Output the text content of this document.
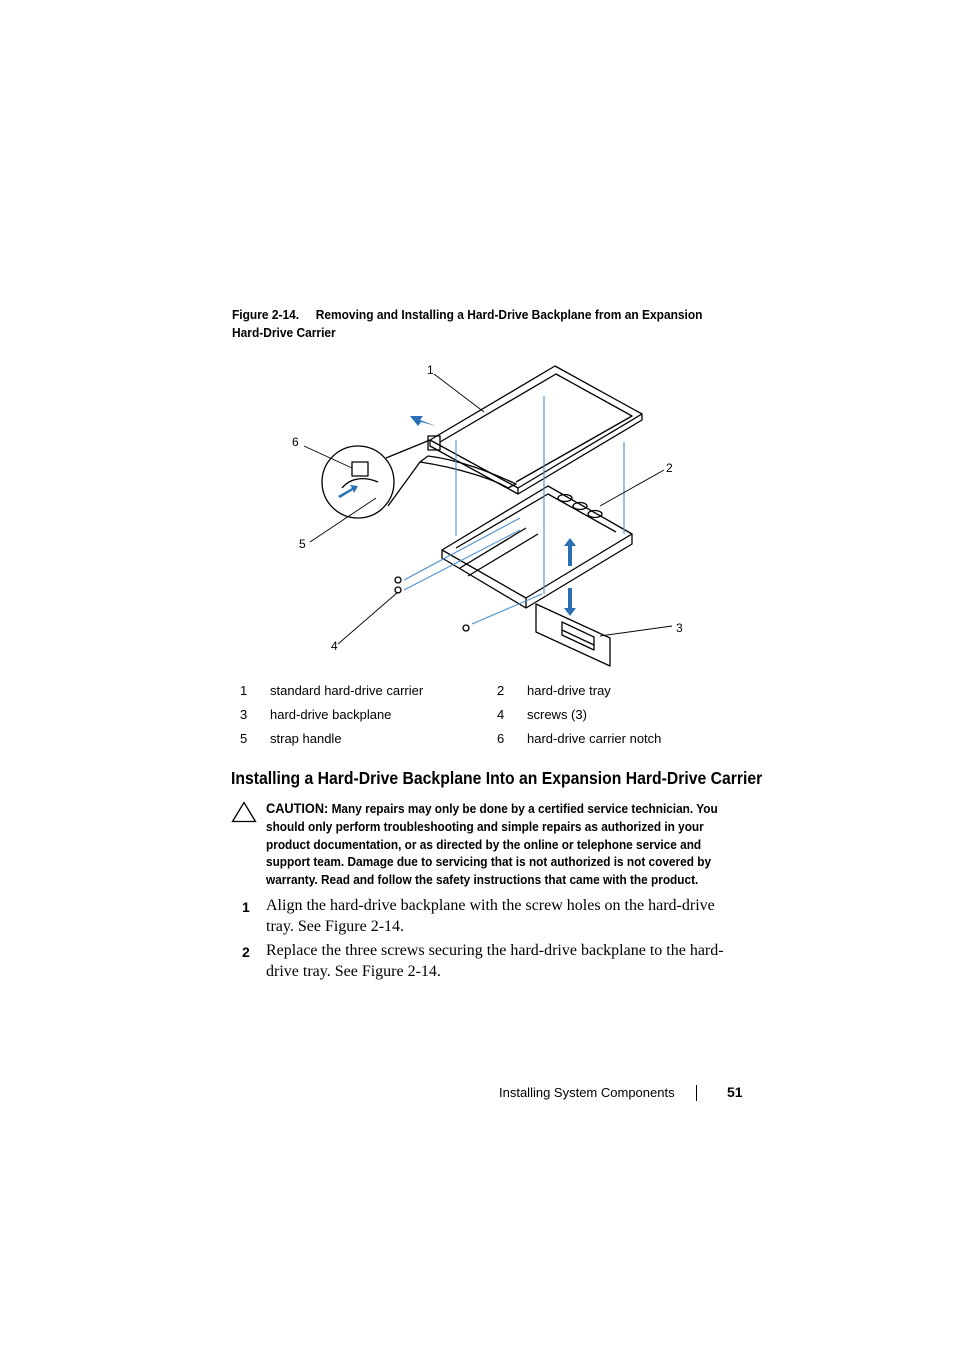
Figure 2-14. Removing and Installing a Hard-Drive Backplane from an Expansion Hard-Drive Carrier
1
2
3
4
5
6
1 standard hard-drive carrier	2 hard-drive tray
3 hard-drive backplane	4 screws (3)
5 strap handle	6 hard-drive carrier notch
Installing a Hard-Drive Backplane Into an Expansion Hard-Drive Carrier
CAUTION: Many repairs may only be done by a certified service technician. You should only perform troubleshooting and simple repairs as authorized in your product documentation, or as directed by the online or telephone service and support team. Damage due to servicing that is not authorized is not covered by warranty. Read and follow the safety instructions that came with the product.
1 Align the hard-drive backplane with the screw holes on the hard-drive tray. See Figure 2-14.
2 Replace the three screws securing the hard-drive backplane to the hard-drive tray. See Figure 2-14.
Installing System Components	51
